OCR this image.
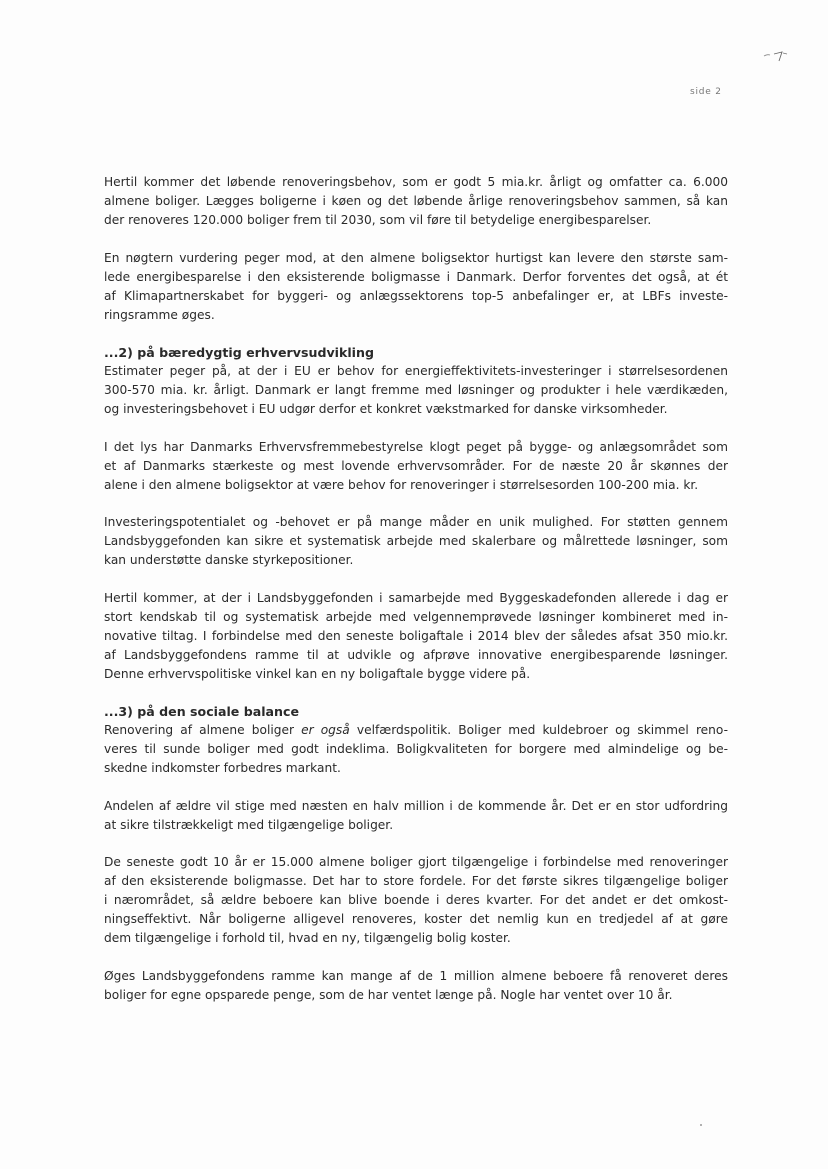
side 2

Hertil kommer det løbende renoveringsbehov, som er godt 5 mia.kr. årligt og omfatter ca. 6.000
almene boliger. Lægges boligerne i køen og det løbende årlige renoveringsbehov sammen, så kan
der renoveres 120.000 boliger frem til 2030, som vil føre til betydelige energibesparelser.

En nøgtern vurdering peger mod, at den almene boligsektor hurtigst kan levere den største sam-
lede energibesparelse i den eksisterende boligmasse i Danmark. Derfor forventes det også, at ét
af Klimapartnerskabet for byggeri- og anlægssektorens top-5 anbefalinger er, at LBFs investe-
ringsramme øges.

...2) på bæredygtig erhvervsudvikling

Estimater peger på, at der i EU er behov for energieffektivitets-investeringer i størrelsesordenen
300-570 mia. kr. årligt. Danmark er langt fremme med løsninger og produkter i hele værdikæden,
og investeringsbehovet i EU udgør derfor et konkret vækstmarked for danske virksomheder.

I det lys har Danmarks Erhvervsfremmebestyrelse klogt peget på bygge- og anlægsområdet som
et af Danmarks stærkeste og mest lovende erhvervsområder. For de næste 20 år skønnes der
alene i den almene boligsektor at være behov for renoveringer i størrelsesorden 100-200 mia. kr.

Investeringspotentialet og -behovet er på mange måder en unik mulighed. For støtten gennem
Landsbyggefonden kan sikre et systematisk arbejde med skalerbare og målrettede løsninger, som
kan understøtte danske styrkepositioner.

Hertil kommer, at der i Landsbyggefonden i samarbejde med Byggeskadefonden allerede i dag er
stort kendskab til og systematisk arbejde med velgennemprøvede løsninger kombineret med in-
novative tiltag. I forbindelse med den seneste boligaftale i 2014 blev der således afsat 350 mio.kr.
af Landsbyggefondens ramme til at udvikle og afprøve innovative energibesparende løsninger.
Denne erhvervspolitiske vinkel kan en ny boligaftale bygge videre på.

...3) på den sociale balance

Renovering af almene boliger er også velfærdspolitik. Boliger med kuldebroer og skimmel reno-
veres til sunde boliger med godt indeklima. Boligkvaliteten for borgere med almindelige og be-
skedne indkomster forbedres markant.

Andelen af ældre vil stige med næsten en halv million i de kommende år. Det er en stor udfordring
at sikre tilstrækkeligt med tilgængelige boliger.

De seneste godt 10 år er 15.000 almene boliger gjort tilgængelige i forbindelse med renoveringer
af den eksisterende boligmasse. Det har to store fordele. For det første sikres tilgængelige boliger
i nærområdet, så ældre beboere kan blive boende i deres kvarter. For det andet er det omkost-
ningseffektivt. Når boligerne alligevel renoveres, koster det nemlig kun en tredjedel af at gøre
dem tilgængelige i forhold til, hvad en ny, tilgængelig bolig koster.

Øges Landsbyggefondens ramme kan mange af de 1 million almene beboere få renoveret deres
boliger for egne opsparede penge, som de har ventet længe på. Nogle har ventet over 10 år.
